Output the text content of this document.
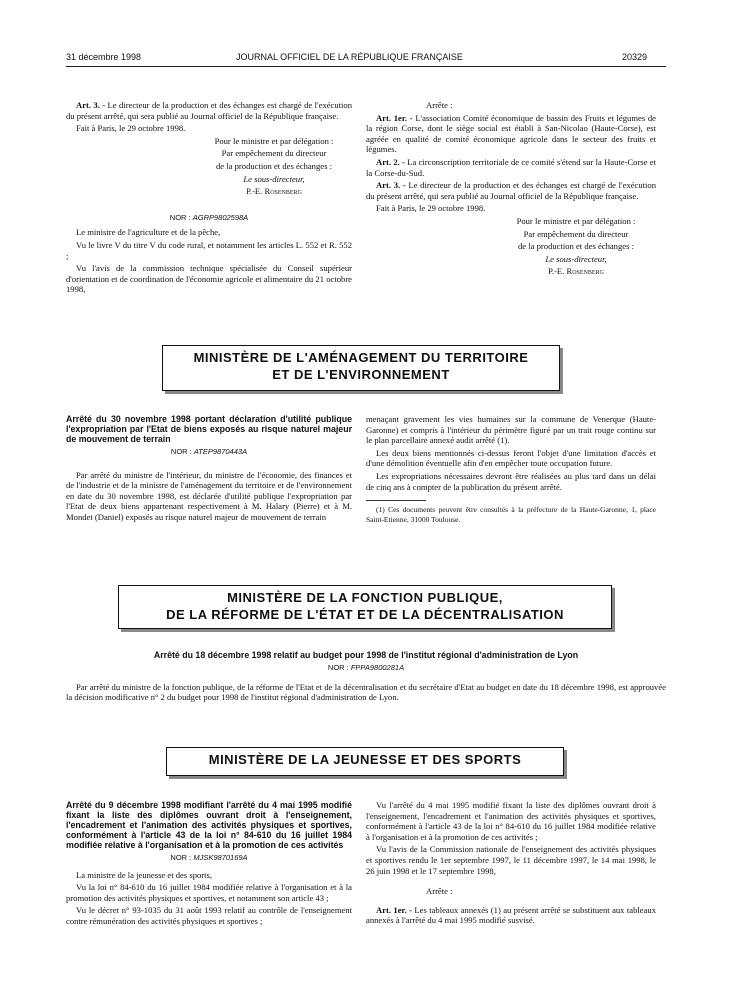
31 décembre 1998	JOURNAL OFFICIEL DE LA RÉPUBLIQUE FRANÇAISE	20329

Art. 3. - Le directeur de la production et des échanges est chargé de l'exécution du présent arrêté, qui sera publié au Journal officiel de la République française.

Fait à Paris, le 29 octobre 1998.

Pour le ministre et par délégation :

Par empêchement du directeur

de la production et des échanges :

Le sous-directeur,

P.-E. Rosenberg

NOR : AGRP9802598A

Le ministre de l'agriculture et de la pêche,

Vu le livre V du titre V du code rural, et notamment les articles L. 552 et R. 552 ;

Vu l'avis de la commission technique spécialisée du Conseil supérieur d'orientation et de coordination de l'économie agricole et alimentaire du 21 octobre 1998,

Arrête :

Art. 1er. - L'association Comité économique de bassin des Fruits et légumes de la région Corse, dont le siège social est établi à San-Nicolao (Haute-Corse), est agréée en qualité de comité économique agricole dans le secteur des fruits et légumes.

Art. 2. - La circonscription territoriale de ce comité s'étend sur la Haute-Corse et la Corse-du-Sud.

Art. 3. - Le directeur de la production et des échanges est chargé de l'exécution du présent arrêté, qui sera publié au Journal officiel de la République française.

Fait à Paris, le 29 octobre 1998.

Pour le ministre et par délégation :

Par empêchement du directeur

de la production et des échanges :

Le sous-directeur,

P.-E. Rosenberg

MINISTÈRE DE L'AMÉNAGEMENT DU TERRITOIRE
ET DE L'ENVIRONNEMENT
Arrêté du 30 novembre 1998 portant déclaration d'utilité publique l'expropriation par l'Etat de biens exposés au risque naturel majeur de mouvement de terrain
NOR : ATEP9870443A

Par arrêté du ministre de l'intérieur, du ministre de l'économie, des finances et de l'industrie et de la ministre de l'aménagement du territoire et de l'environnement en date du 30 novembre 1998, est déclarée d'utilité publique l'expropriation par l'Etat de deux biens appartenant respectivement à M. Halary (Pierre) et à M. Mondet (Daniel) exposés au risque naturel majeur de mouvement de terrain

menaçant gravement les vies humaines sur la commune de Venerque (Haute-Garonne) et compris à l'intérieur du périmètre figuré par un trait rouge continu sur le plan parcellaire annexé audit arrêté (1).

Les deux biens mentionnés ci-dessus feront l'objet d'une limitation d'accès et d'une démolition éventuelle afin d'en empêcher toute occupation future.

Les expropriations nécessaires devront être réalisées au plus tard dans un délai de cinq ans à compter de la publication du présent arrêté.

(1) Ces documents peuvent être consultés à la préfecture de la Haute-Garonne, 1, place Saint-Etienne, 31000 Toulouse.

MINISTÈRE DE LA FONCTION PUBLIQUE,
DE LA RÉFORME DE L'ÉTAT ET DE LA DÉCENTRALISATION
Arrêté du 18 décembre 1998 relatif au budget pour 1998 de l'institut régional d'administration de Lyon
NOR : FPPA9800281A

Par arrêté du ministre de la fonction publique, de la réforme de l'Etat et de la décentralisation et du secrétaire d'Etat au budget en date du 18 décembre 1998, est approuvée la décision modificative n° 2 du budget pour 1998 de l'institut régional d'administration de Lyon.

MINISTÈRE DE LA JEUNESSE ET DES SPORTS
Arrêté du 9 décembre 1998 modifiant l'arrêté du 4 mai 1995 modifié fixant la liste des diplômes ouvrant droit à l'enseignement, l'encadrement et l'animation des activités physiques et sportives, conformément à l'article 43 de la loi n° 84-610 du 16 juillet 1984 modifiée relative à l'organisation et à la promotion de ces activités
NOR : MJSK9870169A

La ministre de la jeunesse et des sports,

Vu la loi n° 84-610 du 16 juillet 1984 modifiée relative à l'organisation et à la promotion des activités physiques et sportives, et notamment son article 43 ;

Vu le décret n° 93-1035 du 31 août 1993 relatif au contrôle de l'enseignement contre rémunération des activités physiques et sportives ;

Vu l'arrêté du 4 mai 1995 modifié fixant la liste des diplômes ouvrant droit à l'enseignement, l'encadrement et l'animation des activités physiques et sportives, conformément à l'article 43 de la loi n° 84-610 du 16 juillet 1984 modifiée relative à l'organisation et à la promotion de ces activités ;

Vu l'avis de la Commission nationale de l'enseignement des activités physiques et sportives rendu le 1er septembre 1997, le 11 décembre 1997, le 14 mai 1998, le 26 juin 1998 et le 17 septembre 1998,

Arrête :

Art. 1er. - Les tableaux annexés (1) au présent arrêté se substituent aux tableaux annexés à l'arrêté du 4 mai 1995 modifié susvisé.
